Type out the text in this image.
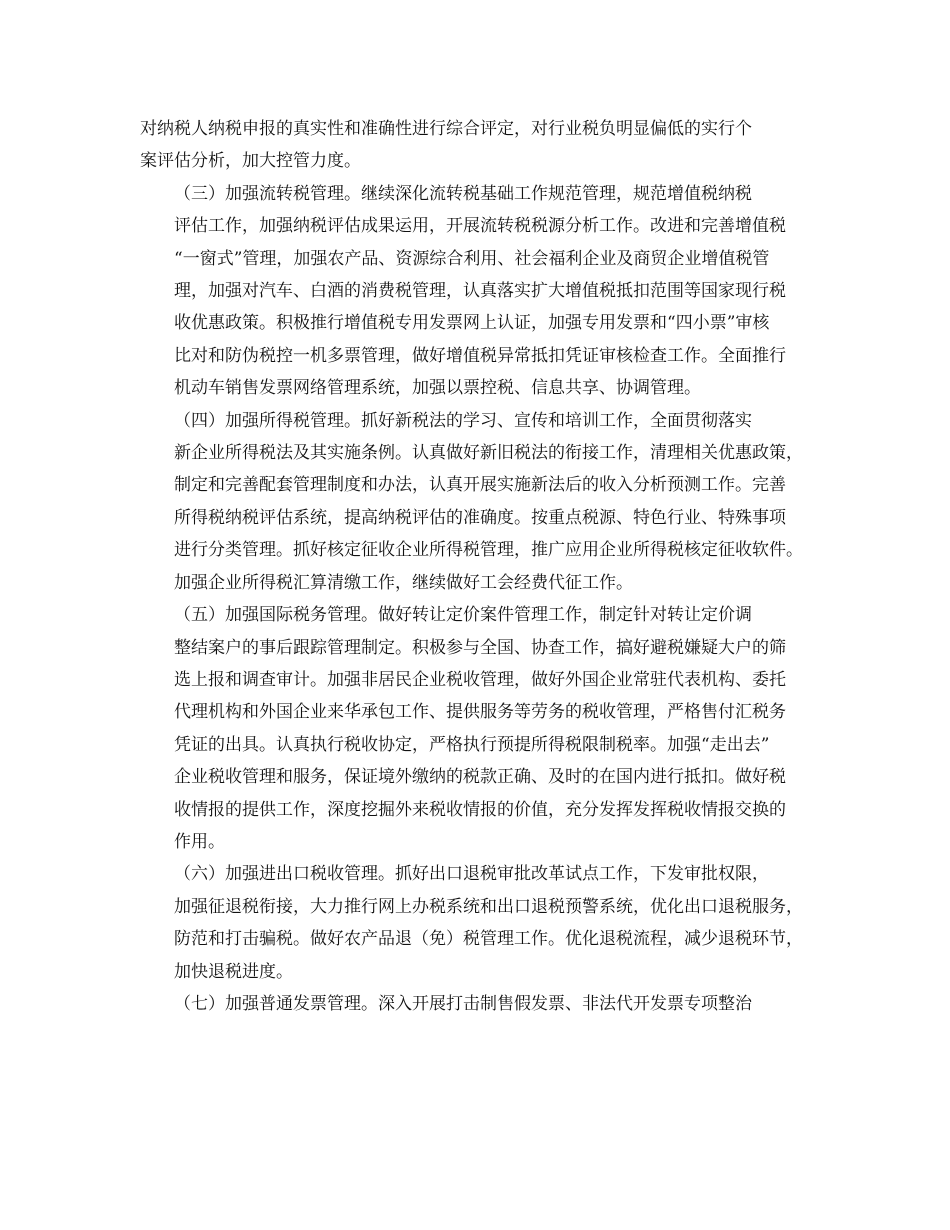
对纳税人纳税申报的真实性和准确性进行综合评定，对行业税负明显偏低的实行个
案评估分析，加大控管力度。
（三）加强流转税管理。继续深化流转税基础工作规范管理，规范增值税纳税
评估工作，加强纳税评估成果运用，开展流转税税源分析工作。改进和完善增值税
“一窗式”管理，加强农产品、资源综合利用、社会福利企业及商贸企业增值税管
理，加强对汽车、白酒的消费税管理，认真落实扩大增值税抵扣范围等国家现行税
收优惠政策。积极推行增值税专用发票网上认证，加强专用发票和“四小票”审核
比对和防伪税控一机多票管理，做好增值税异常抵扣凭证审核检查工作。全面推行
机动车销售发票网络管理系统，加强以票控税、信息共享、协调管理。
（四）加强所得税管理。抓好新税法的学习、宣传和培训工作，全面贯彻落实
新企业所得税法及其实施条例。认真做好新旧税法的衔接工作，清理相关优惠政策，
制定和完善配套管理制度和办法，认真开展实施新法后的收入分析预测工作。完善
所得税纳税评估系统，提高纳税评估的准确度。按重点税源、特色行业、特殊事项
进行分类管理。抓好核定征收企业所得税管理，推广应用企业所得税核定征收软件。
加强企业所得税汇算清缴工作，继续做好工会经费代征工作。
（五）加强国际税务管理。做好转让定价案件管理工作，制定针对转让定价调
整结案户的事后跟踪管理制定。积极参与全国、协查工作，搞好避税嫌疑大户的筛
选上报和调查审计。加强非居民企业税收管理，做好外国企业常驻代表机构、委托
代理机构和外国企业来华承包工作、提供服务等劳务的税收管理，严格售付汇税务
凭证的出具。认真执行税收协定，严格执行预提所得税限制税率。加强“走出去”
企业税收管理和服务，保证境外缴纳的税款正确、及时的在国内进行抵扣。做好税
收情报的提供工作，深度挖掘外来税收情报的价值，充分发挥发挥税收情报交换的
作用。
（六）加强进出口税收管理。抓好出口退税审批改革试点工作，下发审批权限，
加强征退税衔接，大力推行网上办税系统和出口退税预警系统，优化出口退税服务，
防范和打击骗税。做好农产品退（免）税管理工作。优化退税流程，减少退税环节，
加快退税进度。
（七）加强普通发票管理。深入开展打击制售假发票、非法代开发票专项整治
